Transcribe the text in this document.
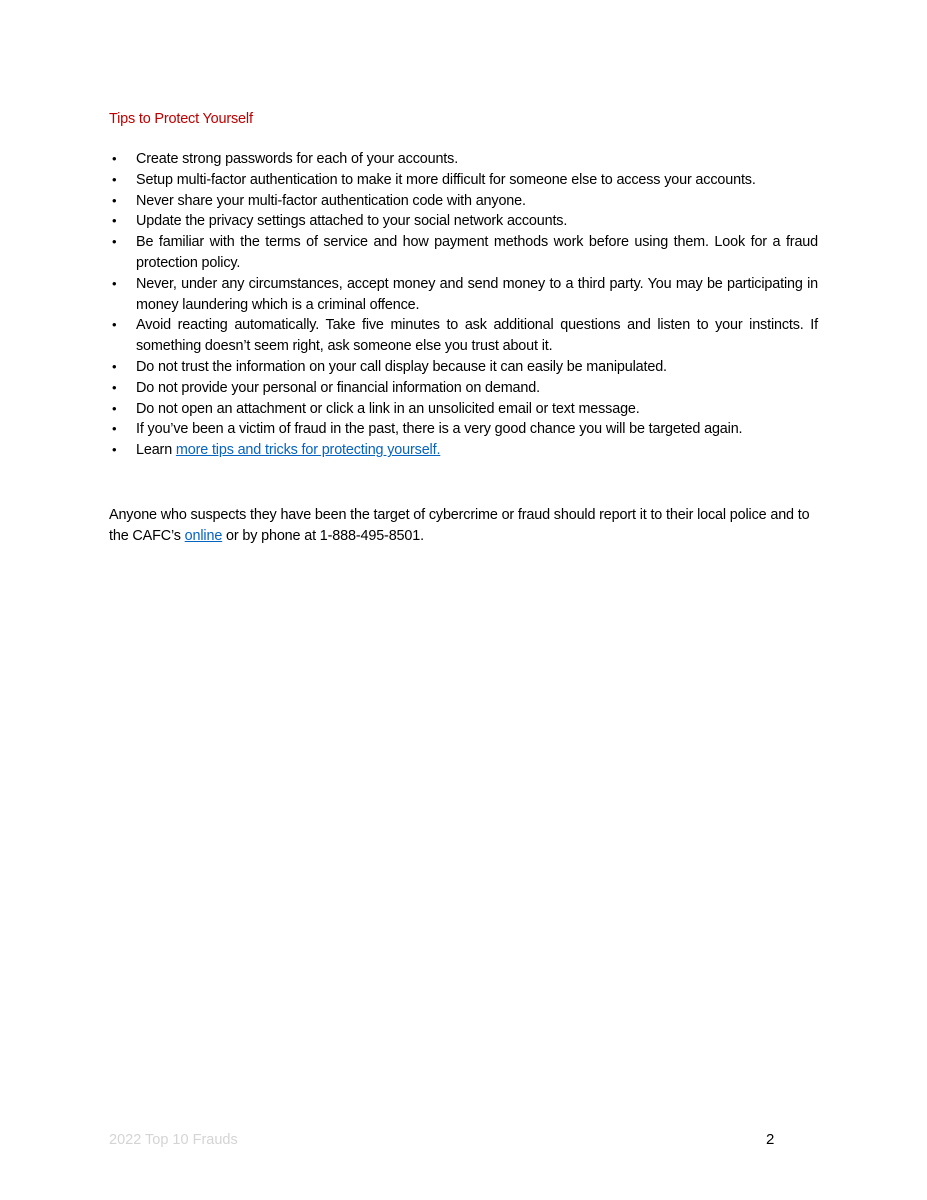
Tips to Protect Yourself
• Create strong passwords for each of your accounts.
• Setup multi-factor authentication to make it more difficult for someone else to access your accounts.
• Never share your multi-factor authentication code with anyone.
• Update the privacy settings attached to your social network accounts.
• Be familiar with the terms of service and how payment methods work before using them. Look for a fraud protection policy.
• Never, under any circumstances, accept money and send money to a third party. You may be participating in money laundering which is a criminal offence.
• Avoid reacting automatically. Take five minutes to ask additional questions and listen to your instincts. If something doesn’t seem right, ask someone else you trust about it.
• Do not trust the information on your call display because it can easily be manipulated.
• Do not provide your personal or financial information on demand.
• Do not open an attachment or click a link in an unsolicited email or text message.
• If you’ve been a victim of fraud in the past, there is a very good chance you will be targeted again.
• Learn more tips and tricks for protecting yourself.

Anyone who suspects they have been the target of cybercrime or fraud should report it to their local police and to the CAFC’s online or by phone at 1-888-495-8501.

2022 Top 10 Frauds	2
